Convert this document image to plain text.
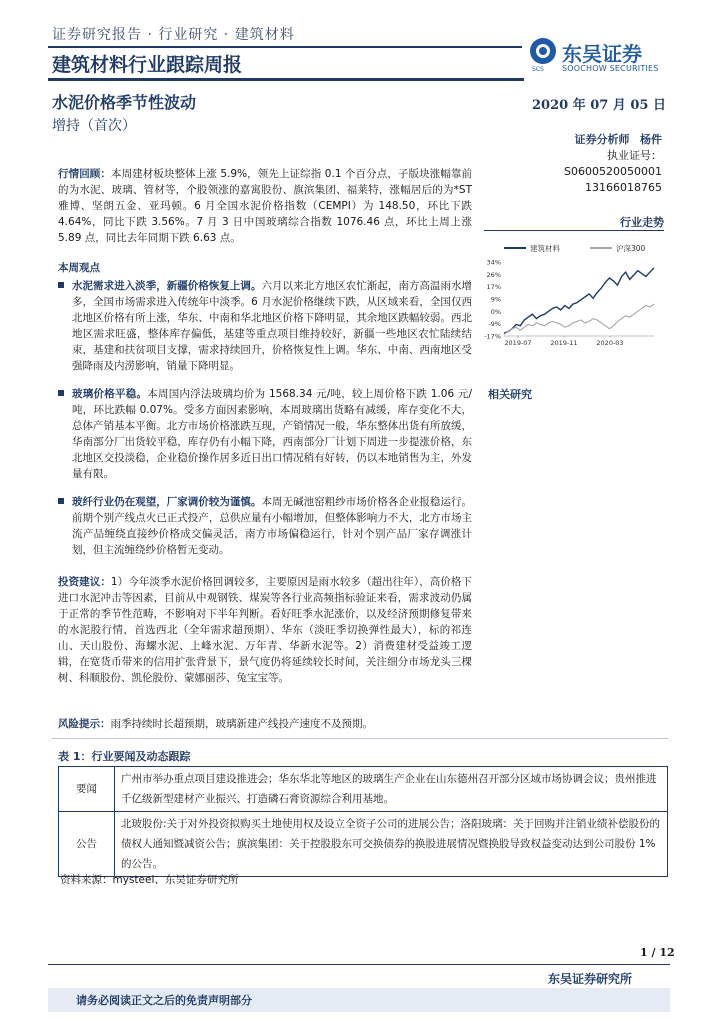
证券研究报告 · 行业研究 · 建筑材料
建筑材料行业跟踪周报	SCS
东吴证券
SOOCHOW SECURITIES
水泥价格季节性波动
增持（首次）
2020 年 07 月 05 日
证券分析师 杨件
执业证号：S0600520050001
13166018765
行业走势
建筑材料	沪深300
34%
26%
17%
9%
0%
-9%
-17%
2019-07	2019-11	2020-03
相关研究
行情回顾：本周建材板块整体上涨 5.9%，领先上证综指 0.1 个百分点，子版块涨幅靠前的为水泥、玻璃、管材等，个股领涨的嘉寓股份、旗滨集团、福莱特，涨幅居后的为*ST 雅博、坚朗五金、亚玛顿。6 月全国水泥价格指数（CEMPI）为 148.50，环比下跌 4.64%，同比下跌 3.56%。7 月 3 日中国玻璃综合指数 1076.46 点，环比上周上涨 5.89 点，同比去年同期下跌 6.63 点。
本周观点
水泥需求进入淡季，新疆价格恢复上调。六月以来北方地区农忙渐起，南方高温雨水增多，全国市场需求进入传统年中淡季。6 月水泥价格继续下跌，从区域来看，全国仅西北地区价格有所上涨，华东、中南和华北地区价格下降明显，其余地区跌幅较弱。西北地区需求旺盛，整体库存偏低，基建等重点项目维持较好，新疆一些地区农忙陆续结束，基建和扶贫项目支撑，需求持续回升，价格恢复性上调。华东、中南、西南地区受强降雨及内涝影响，销量下降明显。
玻璃价格平稳。本周国内浮法玻璃均价为 1568.34 元/吨，较上周价格下跌 1.06 元/吨，环比跌幅 0.07%。受多方面因素影响，本周玻璃出货略有减缓，库存变化不大，总体产销基本平衡。北方市场价格涨跌互现，产销情况一般，华东整体出货有所放缓，华南部分厂出货较平稳，库存仍有小幅下降，西南部分厂计划下周进一步提涨价格，东北地区交投淡稳，企业稳价操作居多近日出口情况稍有好转，仍以本地销售为主，外发量有限。
玻纤行业仍在观望，厂家调价较为谨慎。本周无碱池窑粗纱市场价格各企业报稳运行。前期个别产线点火已正式投产，总供应量有小幅增加，但整体影响力不大，北方市场主流产品缠绕直接纱价格成交偏灵活，南方市场偏稳运行，针对个别产品厂家存调涨计划，但主流缠绕纱价格暂无变动。
投资建议：1）今年淡季水泥价格回调较多，主要原因是雨水较多（超出往年），高价格下进口水泥冲击等因素，目前从中观钢铁、煤炭等各行业高频指标验证来看，需求波动仍属于正常的季节性范畴，不影响对下半年判断。看好旺季水泥涨价，以及经济预期修复带来的水泥股行情，首选西北（全年需求超预期）、华东（淡旺季切换弹性最大），标的祁连山、天山股份、海螺水泥、上峰水泥、万年青、华新水泥等。2）消费建材受益竣工逻辑，在宽货币带来的信用扩张背景下，景气度仍将延续较长时间，关注细分市场龙头三棵树、科顺股份、凯伦股份、蒙娜丽莎、兔宝宝等。
风险提示：雨季持续时长超预期，玻璃新建产线投产速度不及预期。
表 1：行业要闻及动态跟踪
要闻	广州市举办重点项目建设推进会；华东华北等地区的玻璃生产企业在山东德州召开部分区域市场协调会议；贵州推进千亿级新型建材产业振兴、打造磷石膏资源综合利用基地。
公告	北玻股份:关于对外投资拟购买土地使用权及设立全资子公司的进展公告；洛阳玻璃：关于回购并注销业绩补偿股份的债权人通知暨减资公告；旗滨集团：关于控股股东可交换债券的换股进展情况暨换股导致权益变动达到公司股份 1%的公告。
资料来源：mysteel、东吴证券研究所
1 / 12
东吴证券研究所
请务必阅读正文之后的免责声明部分
